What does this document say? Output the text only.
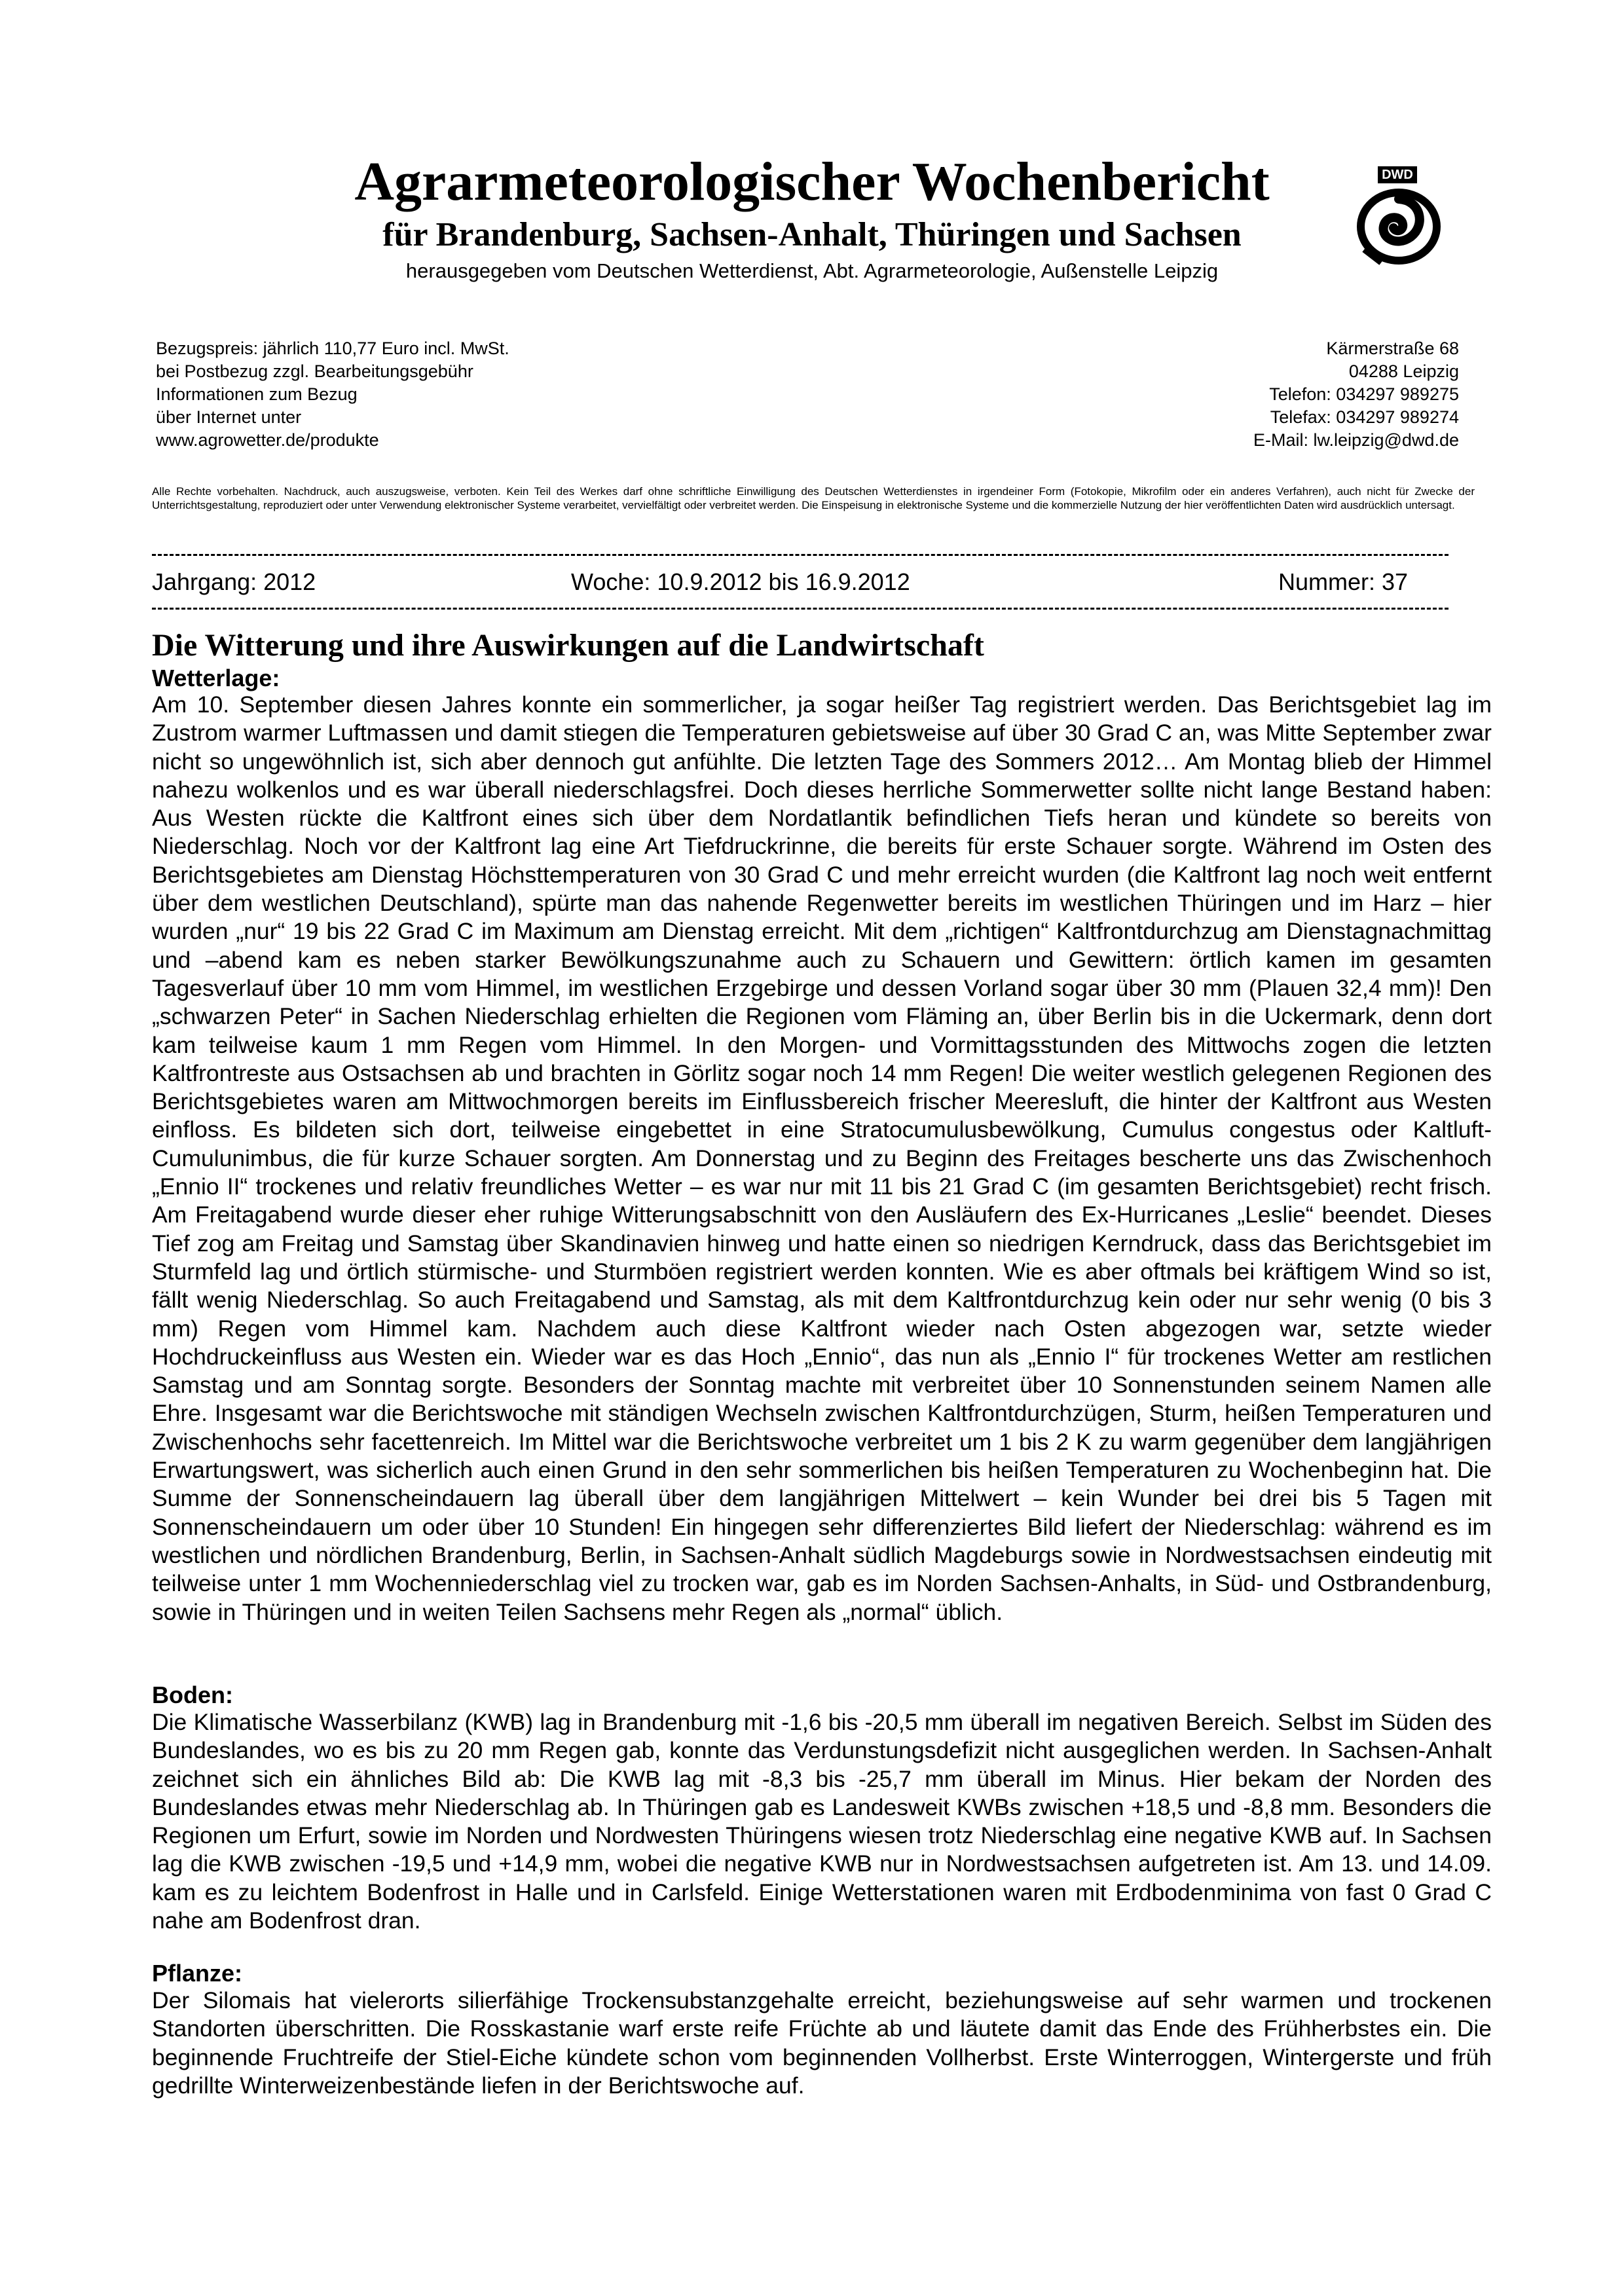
Agrarmeteorologischer Wochenbericht
für Brandenburg, Sachsen-Anhalt, Thüringen und Sachsen
herausgegeben vom Deutschen Wetterdienst, Abt. Agrarmeteorologie, Außenstelle Leipzig
DWD
Bezugspreis: jährlich 110,77 Euro incl. MwSt.
bei Postbezug zzgl. Bearbeitungsgebühr
Informationen zum Bezug
über Internet unter
www.agrowetter.de/produkte
Kärmerstraße 68
04288 Leipzig
Telefon: 034297 989275
Telefax: 034297 989274
E-Mail: lw.leipzig@dwd.de
Alle Rechte vorbehalten. Nachdruck, auch auszugsweise, verboten. Kein Teil des Werkes darf ohne schriftliche Einwilligung des Deutschen Wetterdienstes in irgendeiner Form (Fotokopie, Mikrofilm oder ein anderes Verfahren), auch nicht für Zwecke der Unterrichtsgestaltung, reproduziert oder unter Verwendung elektronischer Systeme verarbeitet, vervielfältigt oder verbreitet werden. Die Einspeisung in elektronische Systeme und die kommerzielle Nutzung der hier veröffentlichten Daten wird ausdrücklich untersagt.
Jahrgang: 2012	Woche: 10.9.2012 bis 16.9.2012	Nummer: 37
Die Witterung und ihre Auswirkungen auf die Landwirtschaft
Wetterlage:
Am 10. September diesen Jahres konnte ein sommerlicher, ja sogar heißer Tag registriert werden. Das Berichtsgebiet lag im Zustrom warmer Luftmassen und damit stiegen die Temperaturen gebietsweise auf über 30 Grad C an, was Mitte September zwar nicht so ungewöhnlich ist, sich aber dennoch gut anfühlte. Die letzten Tage des Sommers 2012… Am Montag blieb der Himmel nahezu wolkenlos und es war überall niederschlagsfrei. Doch dieses herrliche Sommerwetter sollte nicht lange Bestand haben: Aus Westen rückte die Kaltfront eines sich über dem Nordatlantik befindlichen Tiefs heran und kündete so bereits von Niederschlag. Noch vor der Kaltfront lag eine Art Tiefdruckrinne, die bereits für erste Schauer sorgte. Während im Osten des Berichtsgebietes am Dienstag Höchsttemperaturen von 30 Grad C und mehr erreicht wurden (die Kaltfront lag noch weit entfernt über dem westlichen Deutschland), spürte man das nahende Regenwetter bereits im westlichen Thüringen und im Harz – hier wurden „nur“ 19 bis 22 Grad C im Maximum am Dienstag erreicht. Mit dem „richtigen“ Kaltfrontdurchzug am Dienstagnachmittag und –abend kam es neben starker Bewölkungszunahme auch zu Schauern und Gewittern: örtlich kamen im gesamten Tagesverlauf über 10 mm vom Himmel, im westlichen Erzgebirge und dessen Vorland sogar über 30 mm (Plauen 32,4 mm)! Den „schwarzen Peter“ in Sachen Niederschlag erhielten die Regionen vom Fläming an, über Berlin bis in die Uckermark, denn dort kam teilweise kaum 1 mm Regen vom Himmel. In den Morgen- und Vormittagsstunden des Mittwochs zogen die letzten Kaltfrontreste aus Ostsachsen ab und brachten in Görlitz sogar noch 14 mm Regen! Die weiter westlich gelegenen Regionen des Berichtsgebietes waren am Mittwochmorgen bereits im Einflussbereich frischer Meeresluft, die hinter der Kaltfront aus Westen einfloss. Es bildeten sich dort, teilweise eingebettet in eine Stratocumulusbewölkung, Cumulus congestus oder Kaltluft-Cumulunimbus, die für kurze Schauer sorgten. Am Donnerstag und zu Beginn des Freitages bescherte uns das Zwischenhoch „Ennio II“ trockenes und relativ freundliches Wetter – es war nur mit 11 bis 21 Grad C (im gesamten Berichtsgebiet) recht frisch. Am Freitagabend wurde dieser eher ruhige Witterungsabschnitt von den Ausläufern des Ex-Hurricanes „Leslie“ beendet. Dieses Tief zog am Freitag und Samstag über Skandinavien hinweg und hatte einen so niedrigen Kerndruck, dass das Berichtsgebiet im Sturmfeld lag und örtlich stürmische- und Sturmböen registriert werden konnten. Wie es aber oftmals bei kräftigem Wind so ist, fällt wenig Niederschlag. So auch Freitagabend und Samstag, als mit dem Kaltfrontdurchzug kein oder nur sehr wenig (0 bis 3 mm) Regen vom Himmel kam. Nachdem auch diese Kaltfront wieder nach Osten abgezogen war, setzte wieder Hochdruckeinfluss aus Westen ein. Wieder war es das Hoch „Ennio“, das nun als „Ennio I“ für trockenes Wetter am restlichen Samstag und am Sonntag sorgte. Besonders der Sonntag machte mit verbreitet über 10 Sonnenstunden seinem Namen alle Ehre. Insgesamt war die Berichtswoche mit ständigen Wechseln zwischen Kaltfrontdurchzügen, Sturm, heißen Temperaturen und Zwischenhochs sehr facettenreich. Im Mittel war die Berichtswoche verbreitet um 1 bis 2 K zu warm gegenüber dem langjährigen Erwartungswert, was sicherlich auch einen Grund in den sehr sommerlichen bis heißen Temperaturen zu Wochenbeginn hat. Die Summe der Sonnenscheindauern lag überall über dem langjährigen Mittelwert – kein Wunder bei drei bis 5 Tagen mit Sonnenscheindauern um oder über 10 Stunden! Ein hingegen sehr differenziertes Bild liefert der Niederschlag: während es im westlichen und nördlichen Brandenburg, Berlin, in Sachsen-Anhalt südlich Magdeburgs sowie in Nordwestsachsen eindeutig mit teilweise unter 1 mm Wochenniederschlag viel zu trocken war, gab es im Norden Sachsen-Anhalts, in Süd- und Ostbrandenburg, sowie in Thüringen und in weiten Teilen Sachsens mehr Regen als „normal“ üblich.
Boden:
Die Klimatische Wasserbilanz (KWB) lag in Brandenburg mit -1,6 bis -20,5 mm überall im negativen Bereich. Selbst im Süden des Bundeslandes, wo es bis zu 20 mm Regen gab, konnte das Verdunstungsdefizit nicht ausgeglichen werden. In Sachsen-Anhalt zeichnet sich ein ähnliches Bild ab: Die KWB lag mit -8,3 bis -25,7 mm überall im Minus. Hier bekam der Norden des Bundeslandes etwas mehr Niederschlag ab. In Thüringen gab es Landesweit KWBs zwischen +18,5 und -8,8 mm. Besonders die Regionen um Erfurt, sowie im Norden und Nordwesten Thüringens wiesen trotz Niederschlag eine negative KWB auf. In Sachsen lag die KWB zwischen -19,5 und +14,9 mm, wobei die negative KWB nur in Nordwestsachsen aufgetreten ist. Am 13. und 14.09. kam es zu leichtem Bodenfrost in Halle und in Carlsfeld. Einige Wetterstationen waren mit Erdbodenminima von fast 0 Grad C nahe am Bodenfrost dran.
Pflanze:
Der Silomais hat vielerorts silierfähige Trockensubstanzgehalte erreicht, beziehungsweise auf sehr warmen und trockenen Standorten überschritten. Die Rosskastanie warf erste reife Früchte ab und läutete damit das Ende des Frühherbstes ein. Die beginnende Fruchtreife der Stiel-Eiche kündete schon vom beginnenden Vollherbst. Erste Winterroggen, Wintergerste und früh gedrillte Winterweizenbestände liefen in der Berichtswoche auf.
